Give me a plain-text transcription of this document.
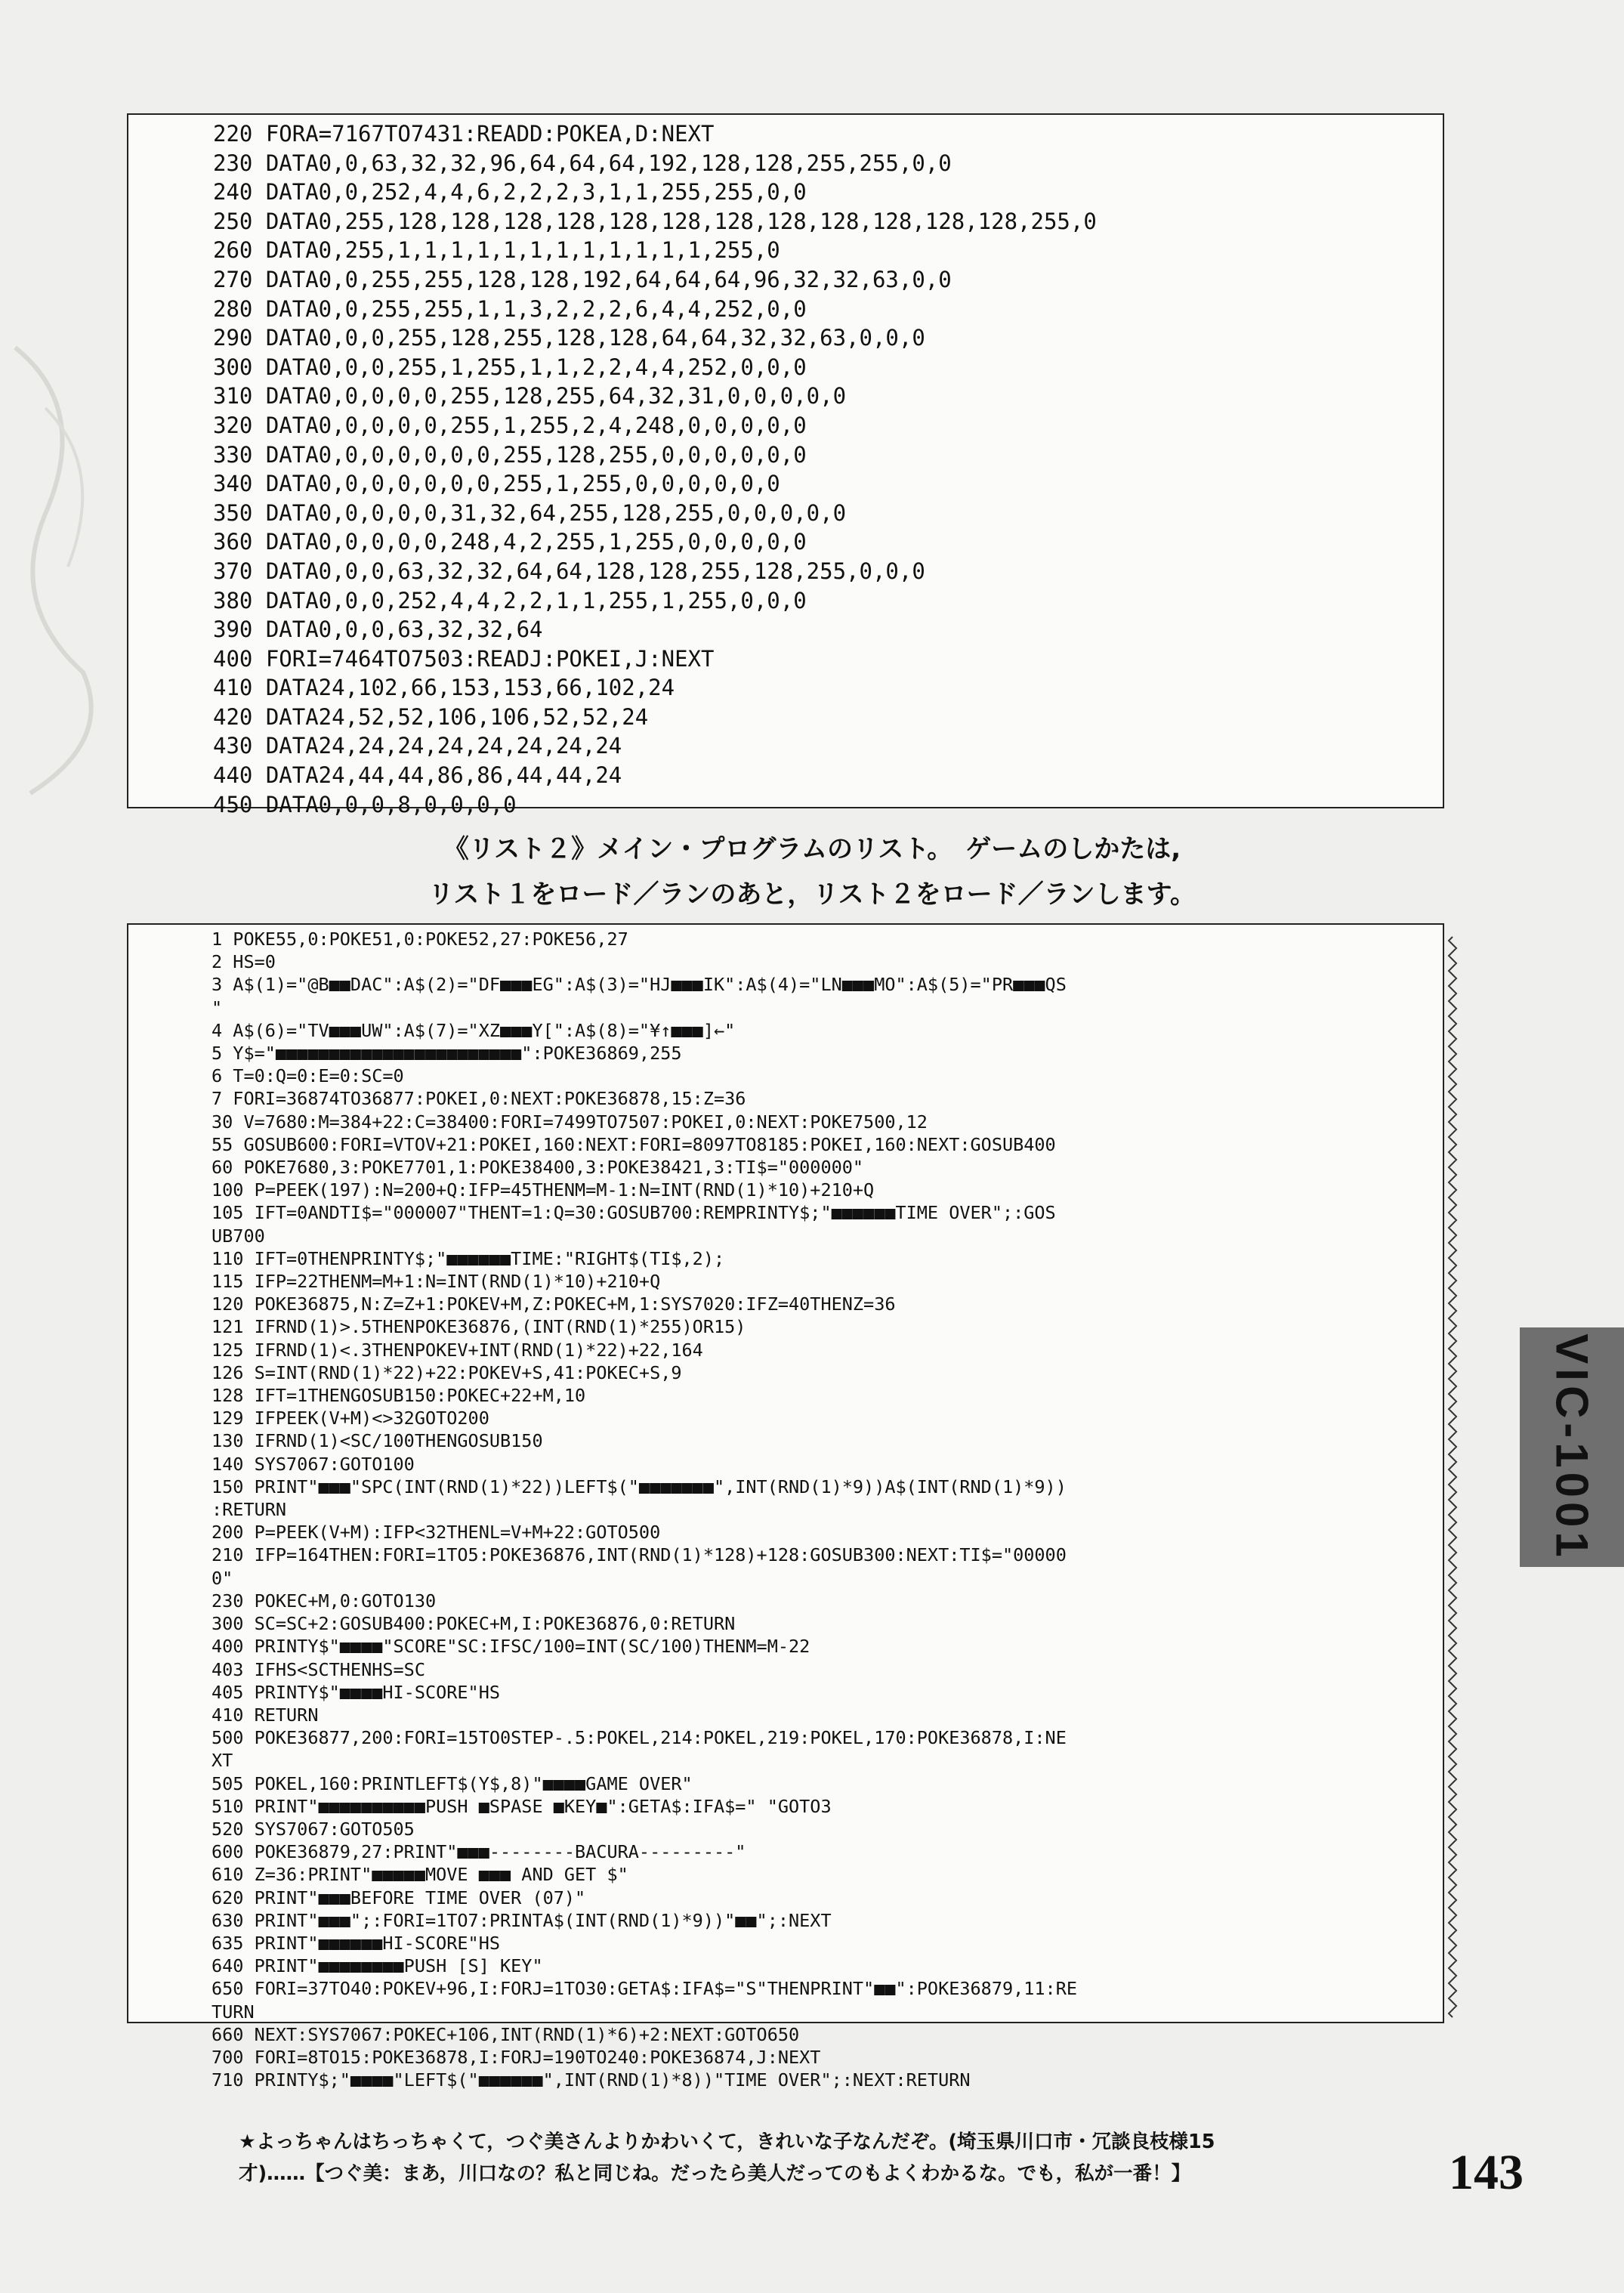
220 FORA=7167TO7431:READD:POKEA,D:NEXT
230 DATA0,0,63,32,32,96,64,64,64,192,128,128,255,255,0,0
240 DATA0,0,252,4,4,6,2,2,2,3,1,1,255,255,0,0
250 DATA0,255,128,128,128,128,128,128,128,128,128,128,128,128,255,0
260 DATA0,255,1,1,1,1,1,1,1,1,1,1,1,1,255,0
270 DATA0,0,255,255,128,128,192,64,64,64,96,32,32,63,0,0
280 DATA0,0,255,255,1,1,3,2,2,2,6,4,4,252,0,0
290 DATA0,0,0,255,128,255,128,128,64,64,32,32,63,0,0,0
300 DATA0,0,0,255,1,255,1,1,2,2,4,4,252,0,0,0
310 DATA0,0,0,0,0,255,128,255,64,32,31,0,0,0,0,0
320 DATA0,0,0,0,0,255,1,255,2,4,248,0,0,0,0,0
330 DATA0,0,0,0,0,0,0,255,128,255,0,0,0,0,0,0
340 DATA0,0,0,0,0,0,0,255,1,255,0,0,0,0,0,0
350 DATA0,0,0,0,0,31,32,64,255,128,255,0,0,0,0,0
360 DATA0,0,0,0,0,248,4,2,255,1,255,0,0,0,0,0
370 DATA0,0,0,63,32,32,64,64,128,128,255,128,255,0,0,0
380 DATA0,0,0,252,4,4,2,2,1,1,255,1,255,0,0,0
390 DATA0,0,0,63,32,32,64
400 FORI=7464TO7503:READJ:POKEI,J:NEXT
410 DATA24,102,66,153,153,66,102,24
420 DATA24,52,52,106,106,52,52,24
430 DATA24,24,24,24,24,24,24,24
440 DATA24,44,44,86,86,44,44,24
450 DATA0,0,0,8,0,0,0,0
《リスト２》メイン・プログラムのリスト。　ゲームのしかたは,
リスト１をロード／ランのあと，リスト２をロード／ランします。
1 POKE55,0:POKE51,0:POKE52,27:POKE56,27
2 HS=0
3 A$(1)="@B■■DAC":A$(2)="DF■■■EG":A$(3)="HJ■■■IK":A$(4)="LN■■■MO":A$(5)="PR■■■QS
"
4 A$(6)="TV■■■UW":A$(7)="XZ■■■Y[":A$(8)="¥↑■■■]←"
5 Y$="■■■■■■■■■■■■■■■■■■■■■■■":POKE36869,255
6 T=0:Q=0:E=0:SC=0
7 FORI=36874TO36877:POKEI,0:NEXT:POKE36878,15:Z=36
30 V=7680:M=384+22:C=38400:FORI=7499TO7507:POKEI,0:NEXT:POKE7500,12
55 GOSUB600:FORI=VTOV+21:POKEI,160:NEXT:FORI=8097TO8185:POKEI,160:NEXT:GOSUB400
60 POKE7680,3:POKE7701,1:POKE38400,3:POKE38421,3:TI$="000000"
100 P=PEEK(197):N=200+Q:IFP=45THENM=M-1:N=INT(RND(1)*10)+210+Q
105 IFT=0ANDTI$="000007"THENT=1:Q=30:GOSUB700:REMPRINTY$;"■■■■■■TIME OVER";:GOS
UB700
110 IFT=0THENPRINTY$;"■■■■■■TIME:"RIGHT$(TI$,2);
115 IFP=22THENM=M+1:N=INT(RND(1)*10)+210+Q
120 POKE36875,N:Z=Z+1:POKEV+M,Z:POKEC+M,1:SYS7020:IFZ=40THENZ=36
121 IFRND(1)>.5THENPOKE36876,(INT(RND(1)*255)OR15)
125 IFRND(1)<.3THENPOKEV+INT(RND(1)*22)+22,164
126 S=INT(RND(1)*22)+22:POKEV+S,41:POKEC+S,9
128 IFT=1THENGOSUB150:POKEC+22+M,10
129 IFPEEK(V+M)<>32GOTO200
130 IFRND(1)<SC/100THENGOSUB150
140 SYS7067:GOTO100
150 PRINT"■■■"SPC(INT(RND(1)*22))LEFT$("■■■■■■■",INT(RND(1)*9))A$(INT(RND(1)*9))
:RETURN
200 P=PEEK(V+M):IFP<32THENL=V+M+22:GOTO500
210 IFP=164THEN:FORI=1TO5:POKE36876,INT(RND(1)*128)+128:GOSUB300:NEXT:TI$="00000
0"
230 POKEC+M,0:GOTO130
300 SC=SC+2:GOSUB400:POKEC+M,I:POKE36876,0:RETURN
400 PRINTY$"■■■■"SCORE"SC:IFSC/100=INT(SC/100)THENM=M-22
403 IFHS<SCTHENHS=SC
405 PRINTY$"■■■■HI-SCORE"HS
410 RETURN
500 POKE36877,200:FORI=15TO0STEP-.5:POKEL,214:POKEL,219:POKEL,170:POKE36878,I:NE
XT
505 POKEL,160:PRINTLEFT$(Y$,8)"■■■■GAME OVER"
510 PRINT"■■■■■■■■■■PUSH ■SPASE ■KEY■":GETA$:IFA$=" "GOTO3
520 SYS7067:GOTO505
600 POKE36879,27:PRINT"■■■--------BACURA---------"
610 Z=36:PRINT"■■■■■MOVE ■■■ AND GET $"
620 PRINT"■■■BEFORE TIME OVER (07)"
630 PRINT"■■■";:FORI=1TO7:PRINTA$(INT(RND(1)*9))"■■";:NEXT
635 PRINT"■■■■■■HI-SCORE"HS
640 PRINT"■■■■■■■■PUSH [S] KEY"
650 FORI=37TO40:POKEV+96,I:FORJ=1TO30:GETA$:IFA$="S"THENPRINT"■■":POKE36879,11:RE
TURN
660 NEXT:SYS7067:POKEC+106,INT(RND(1)*6)+2:NEXT:GOTO650
700 FORI=8TO15:POKE36878,I:FORJ=190TO240:POKE36874,J:NEXT
710 PRINTY$;"■■■■"LEFT$("■■■■■■",INT(RND(1)*8))"TIME OVER";:NEXT:RETURN
VIC-1001
★よっちゃんはちっちゃくて，つぐ美さんよりかわいくて，きれいな子なんだぞ。(埼玉県川口市・冗談良枝様15
才)……【つぐ美：まあ，川口なの？私と同じね。だったら美人だってのもよくわかるな。でも，私が一番！】	143
